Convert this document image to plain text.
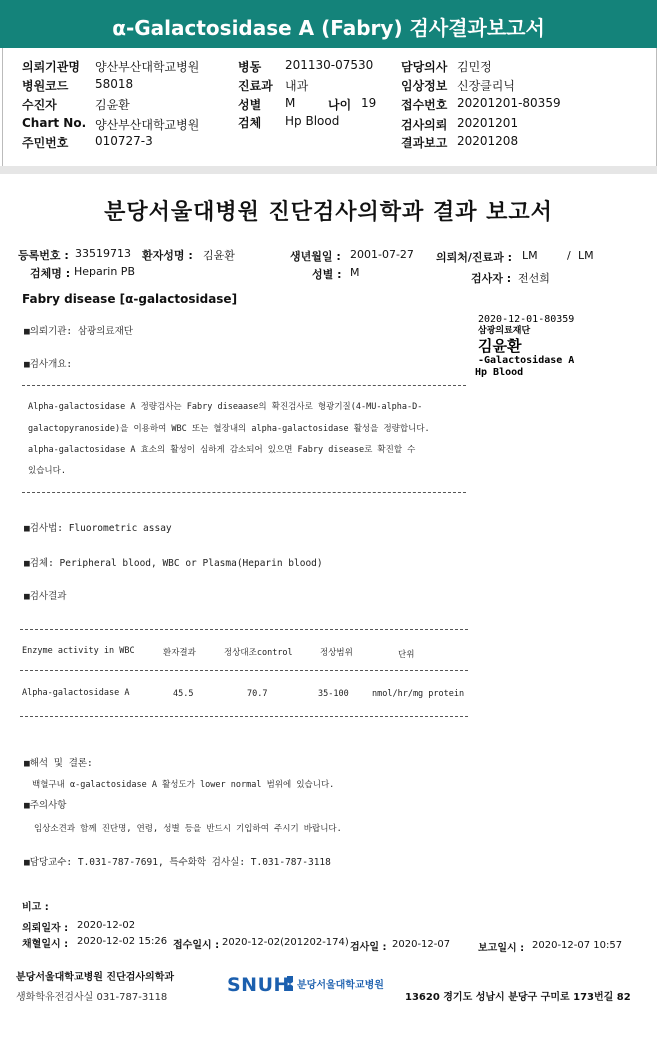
α-Galactosidase A (Fabry) 검사결과보고서
의뢰기관명 양산부산대학교병원	병동 201130-07530 담당의사 김민정
병원코드 58018	진료과 내과	임상정보 신장클리닉
수진자	김윤환	성별 M	나이 19 접수번호 20201201-80359
Chart No. 양산부산대학교병원	검체 Hp Blood	검사의뢰 20201201
주민번호 010727-3	결과보고 20201208
분당서울대병원 진단검사의학과 결과 보고서
등록번호 : 33519713 환자성명 : 김윤환	생년월일 : 2001-07-27 의뢰처/진료과 : LM	/ LM
검체명 : Heparin PB	성별 : M	검사자 : 전선희
Fabry disease [α-galactosidase]
2020-12-01-80359
삼광의료재단
김윤환
-Galactosidase A
Hp Blood
■의뢰기관: 삼광의료재단
■검사개요:
Alpha-galactosidase A 정량검사는 Fabry diseaase의 확진검사로 형광기질(4-MU-alpha-D-
galactopyranoside)을 이용하여 WBC 또는 혈장내의 alpha-galactosidase 활성을 정량합니다.
alpha-galactosidase A 효소의 활성이 심하게 감소되어 있으면 Fabry disease로 확진할 수
있습니다.
■검사법: Fluorometric assay
■검체: Peripheral blood, WBC or Plasma(Heparin blood)
■검사결과
Enzyme activity in WBC	환자결과	정상대조control	정상범위	단위
Alpha-galactosidase A	45.5	70.7	35-100	nmol/hr/mg protein
■해석 및 결론:
백혈구내 α-galactosidase A 활성도가 lower normal 범위에 있습니다.
■주의사항
임상소견과 함께 진단명, 연령, 성별 등을 반드시 기입하여 주시기 바랍니다.
■담당교수: T.031-787-7691, 특수화학 검사실: T.031-787-3118
비고 :
의뢰일자 : 2020-12-02
채혈일시 : 2020-12-02 15:26 접수일시 : 2020-12-02(201202-174) 검사일 : 2020-12-07	보고일시 : 2020-12-07 10:57
분당서울대학교병원 진단검사의학과
생화학유전검사실 031-787-3118
SNUH 분당서울대학교병원
13620 경기도 성남시 분당구 구미로 173번길 82
